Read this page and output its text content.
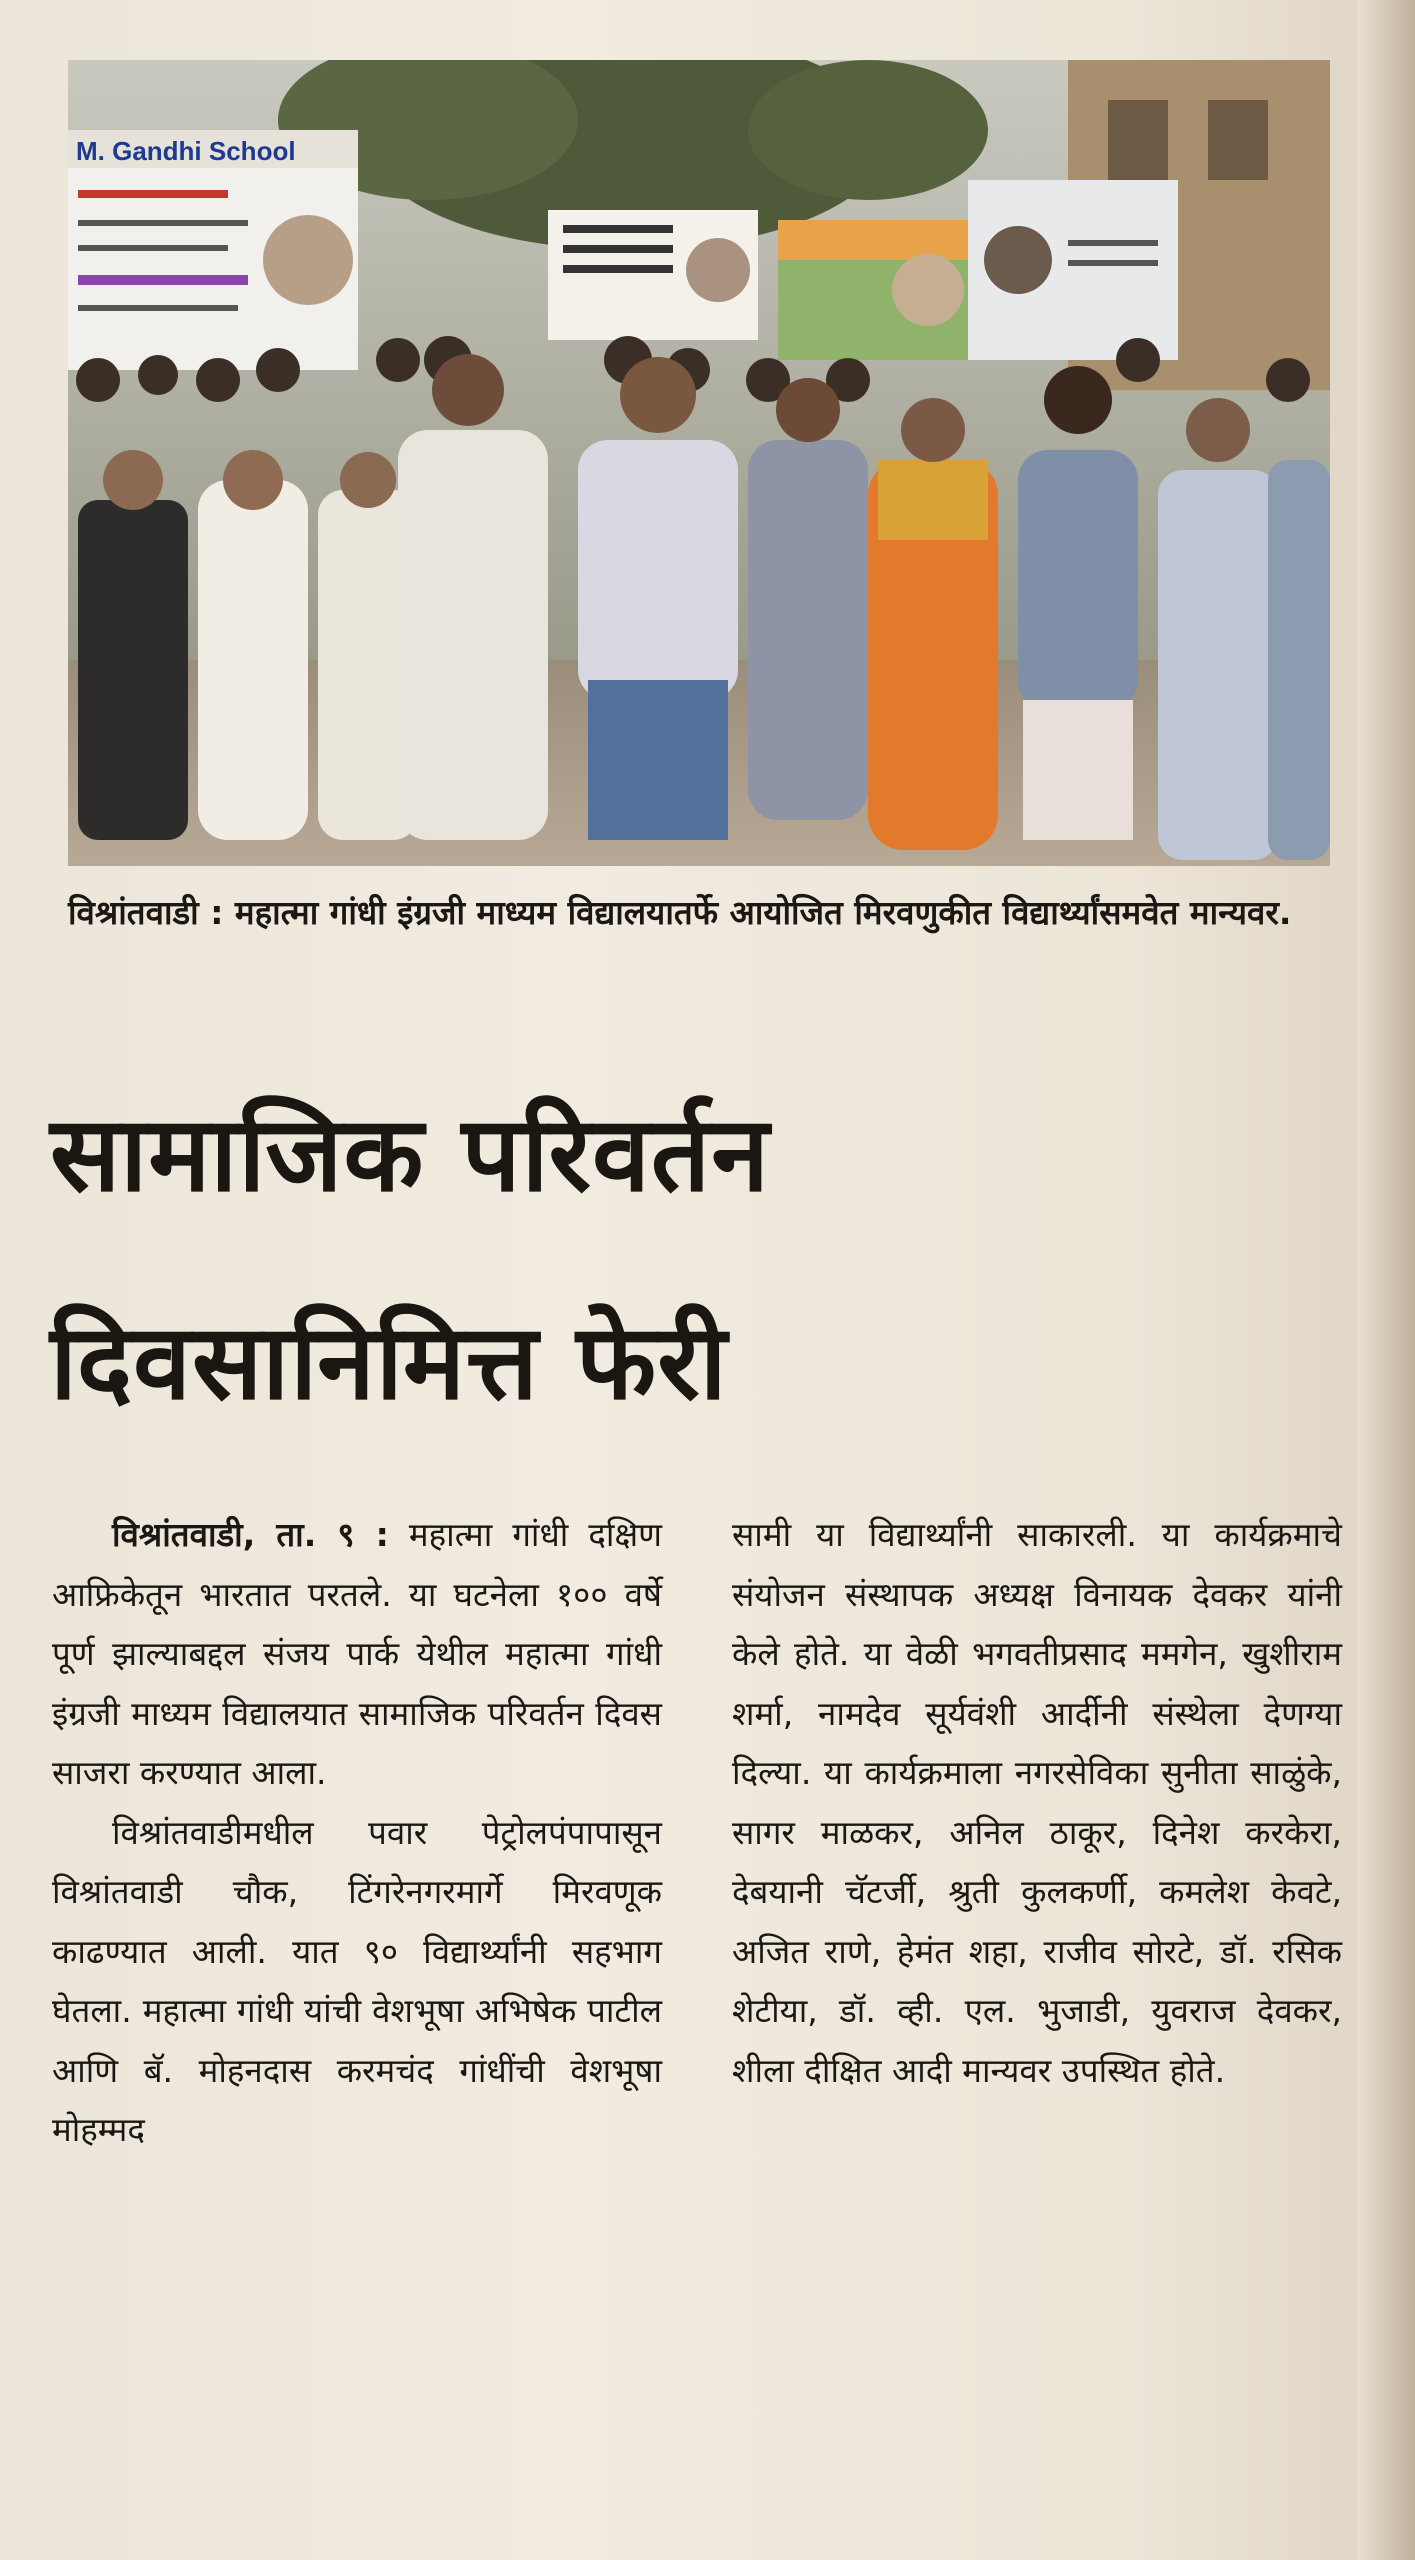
M. Gandhi School

विश्रांतवाडी : महात्मा गांधी इंग्रजी माध्यम विद्यालयातर्फे आयोजित मिरवणुकीत विद्यार्थ्यांसमवेत मान्यवर.

सामाजिक परिवर्तन
दिवसानिमित्त फेरी

विश्रांतवाडी, ता. ९ : महात्मा गांधी दक्षिण आफ्रिकेतून भारतात परतले. या घटनेला १०० वर्षे पूर्ण झाल्याबद्दल संजय पार्क येथील महात्मा गांधी इंग्रजी माध्यम विद्यालयात सामाजिक परिवर्तन दिवस साजरा करण्यात आला.

विश्रांतवाडीमधील पवार पेट्रोलपंपापासून विश्रांतवाडी चौक, टिंगरेनगरमार्गे मिरवणूक काढण्यात आली. यात ९० विद्यार्थ्यांनी सहभाग घेतला. महात्मा गांधी यांची वेशभूषा अभिषेक पाटील आणि बॅ. मोहनदास करमचंद गांधींची वेशभूषा मोहम्मद

सामी या विद्यार्थ्यांनी साकारली. या कार्यक्रमाचे संयोजन संस्थापक अध्यक्ष विनायक देवकर यांनी केले होते. या वेळी भगवतीप्रसाद ममगेन, खुशीराम शर्मा, नामदेव सूर्यवंशी आर्दीनी संस्थेला देणग्या दिल्या. या कार्यक्रमाला नगरसेविका सुनीता साळुंके, सागर माळकर, अनिल ठाकूर, दिनेश करकेरा, देबयानी चॅटर्जी, श्रुती कुलकर्णी, कमलेश केवटे, अजित राणे, हेमंत शहा, राजीव सोरटे, डॉ. रसिक शेटीया, डॉ. व्ही. एल. भुजाडी, युवराज देवकर, शीला दीक्षित आदी मान्यवर उपस्थित होते.
